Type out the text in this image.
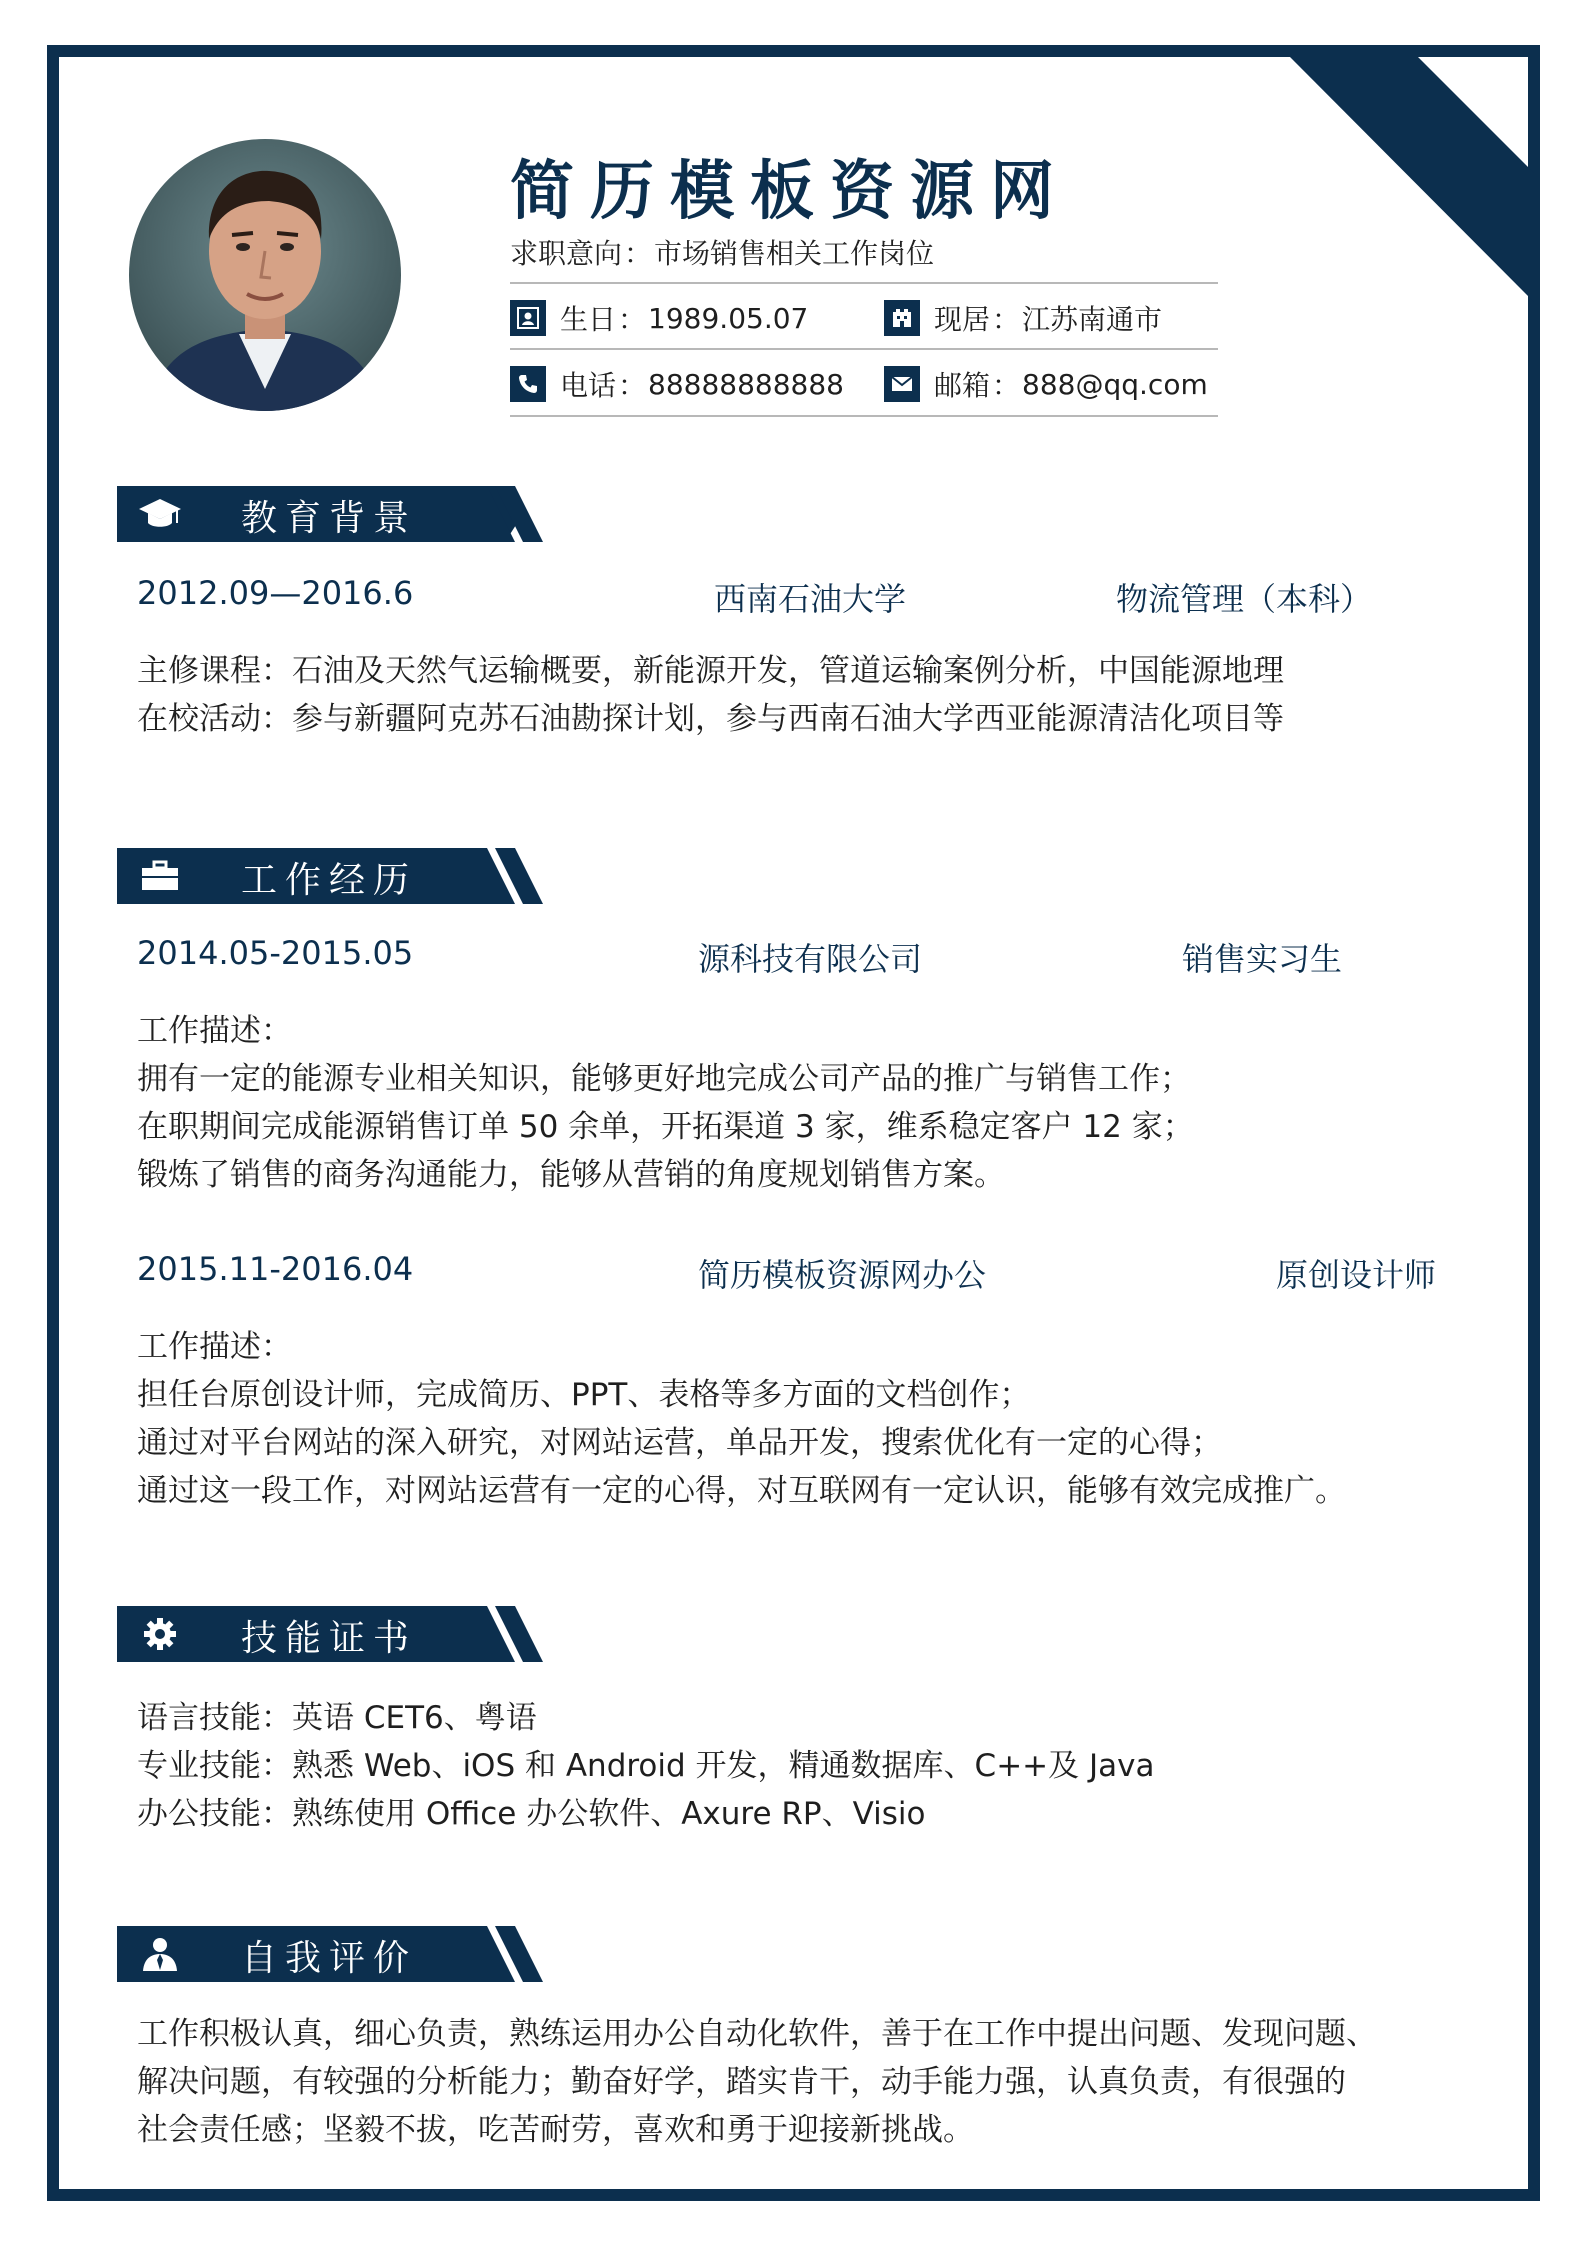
简历模板资源网
求职意向：市场销售相关工作岗位
生日 ： 1989.05.07	现居 ： 江苏南通市
电话 ： 88888888888	邮箱 ： 888@qq.com
教育背景
2012.09—2016.6	西南石油大学	物流管理（本科）
主修课程：石油及天然气运输概要，新能源开发，管道运输案例分析，中国能源地理
在校活动：参与新疆阿克苏石油勘探计划，参与西南石油大学西亚能源清洁化项目等
工作经历
2014.05-2015.05	源科技有限公司	销售实习生
工作描述：
拥有一定的能源专业相关知识，能够更好地完成公司产品的推广与销售工作；
在职期间完成能源销售订单 50 余单，开拓渠道 3 家，维系稳定客户 12 家；
锻炼了销售的商务沟通能力，能够从营销的角度规划销售方案。
2015.11-2016.04	简历模板资源网办公	原创设计师
工作描述：
担任台原创设计师，完成简历、PPT、表格等多方面的文档创作；
通过对平台网站的深入研究，对网站运营，单品开发，搜索优化有一定的心得；
通过这一段工作，对网站运营有一定的心得，对互联网有一定认识，能够有效完成推广。
技能证书
语言技能：英语 CET6、粤语
专业技能：熟悉 Web、iOS 和 Android 开发，精通数据库、C++及 Java
办公技能：熟练使用 Office 办公软件、Axure RP、Visio
自我评价
工作积极认真，细心负责，熟练运用办公自动化软件，善于在工作中提出问题、发现问题、
解决问题，有较强的分析能力；勤奋好学，踏实肯干，动手能力强，认真负责，有很强的
社会责任感；坚毅不拔，吃苦耐劳，喜欢和勇于迎接新挑战。
